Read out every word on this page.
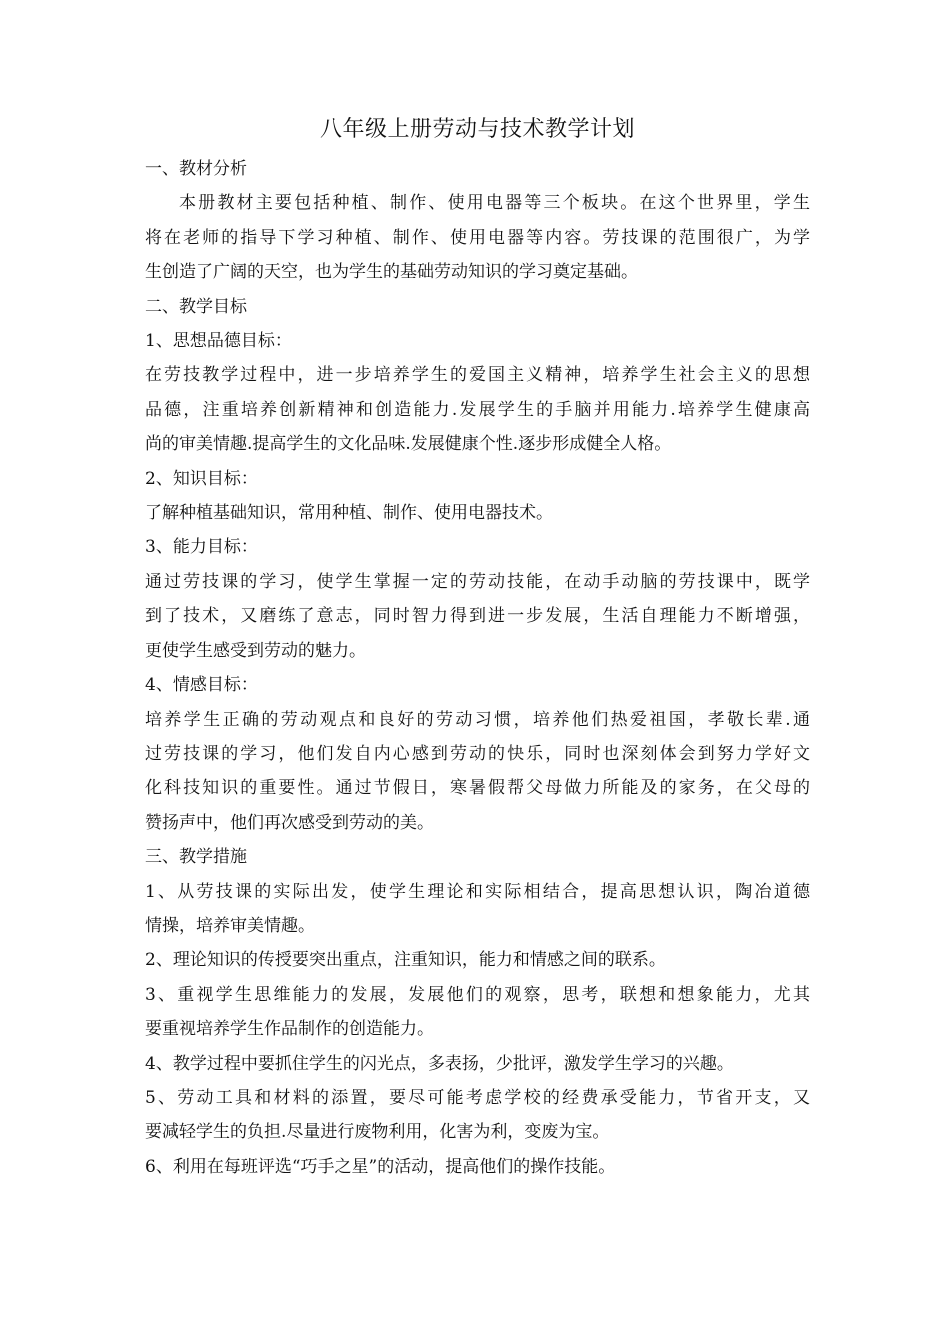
八年级上册劳动与技术教学计划

一、教材分析

本册教材主要包括种植、制作、使用电器等三个板块。在这个世界里，学生

将在老师的指导下学习种植、制作、使用电器等内容。劳技课的范围很广，为学

生创造了广阔的天空，也为学生的基础劳动知识的学习奠定基础。

二、教学目标

1、思想品德目标：

在劳技教学过程中，进一步培养学生的爱国主义精神，培养学生社会主义的思想

品德，注重培养创新精神和创造能力.发展学生的手脑并用能力.培养学生健康高

尚的审美情趣.提高学生的文化品味.发展健康个性.逐步形成健全人格。

2、知识目标：

了解种植基础知识，常用种植、制作、使用电器技术。

3、能力目标：

通过劳技课的学习，使学生掌握一定的劳动技能，在动手动脑的劳技课中，既学

到了技术，又磨练了意志，同时智力得到进一步发展，生活自理能力不断增强，

更使学生感受到劳动的魅力。

4、情感目标：

培养学生正确的劳动观点和良好的劳动习惯，培养他们热爱祖国，孝敬长辈.通

过劳技课的学习，他们发自内心感到劳动的快乐，同时也深刻体会到努力学好文

化科技知识的重要性。通过节假日，寒暑假帮父母做力所能及的家务，在父母的

赞扬声中，他们再次感受到劳动的美。

三、教学措施

1、从劳技课的实际出发，使学生理论和实际相结合，提高思想认识，陶冶道德

情操，培养审美情趣。

2、理论知识的传授要突出重点，注重知识，能力和情感之间的联系。

3、重视学生思维能力的发展，发展他们的观察，思考，联想和想象能力，尤其

要重视培养学生作品制作的创造能力。

4、教学过程中要抓住学生的闪光点，多表扬，少批评，激发学生学习的兴趣。

5、劳动工具和材料的添置，要尽可能考虑学校的经费承受能力，节省开支，又

要减轻学生的负担.尽量进行废物利用，化害为利，变废为宝。

6、利用在每班评选“巧手之星”的活动，提高他们的操作技能。
